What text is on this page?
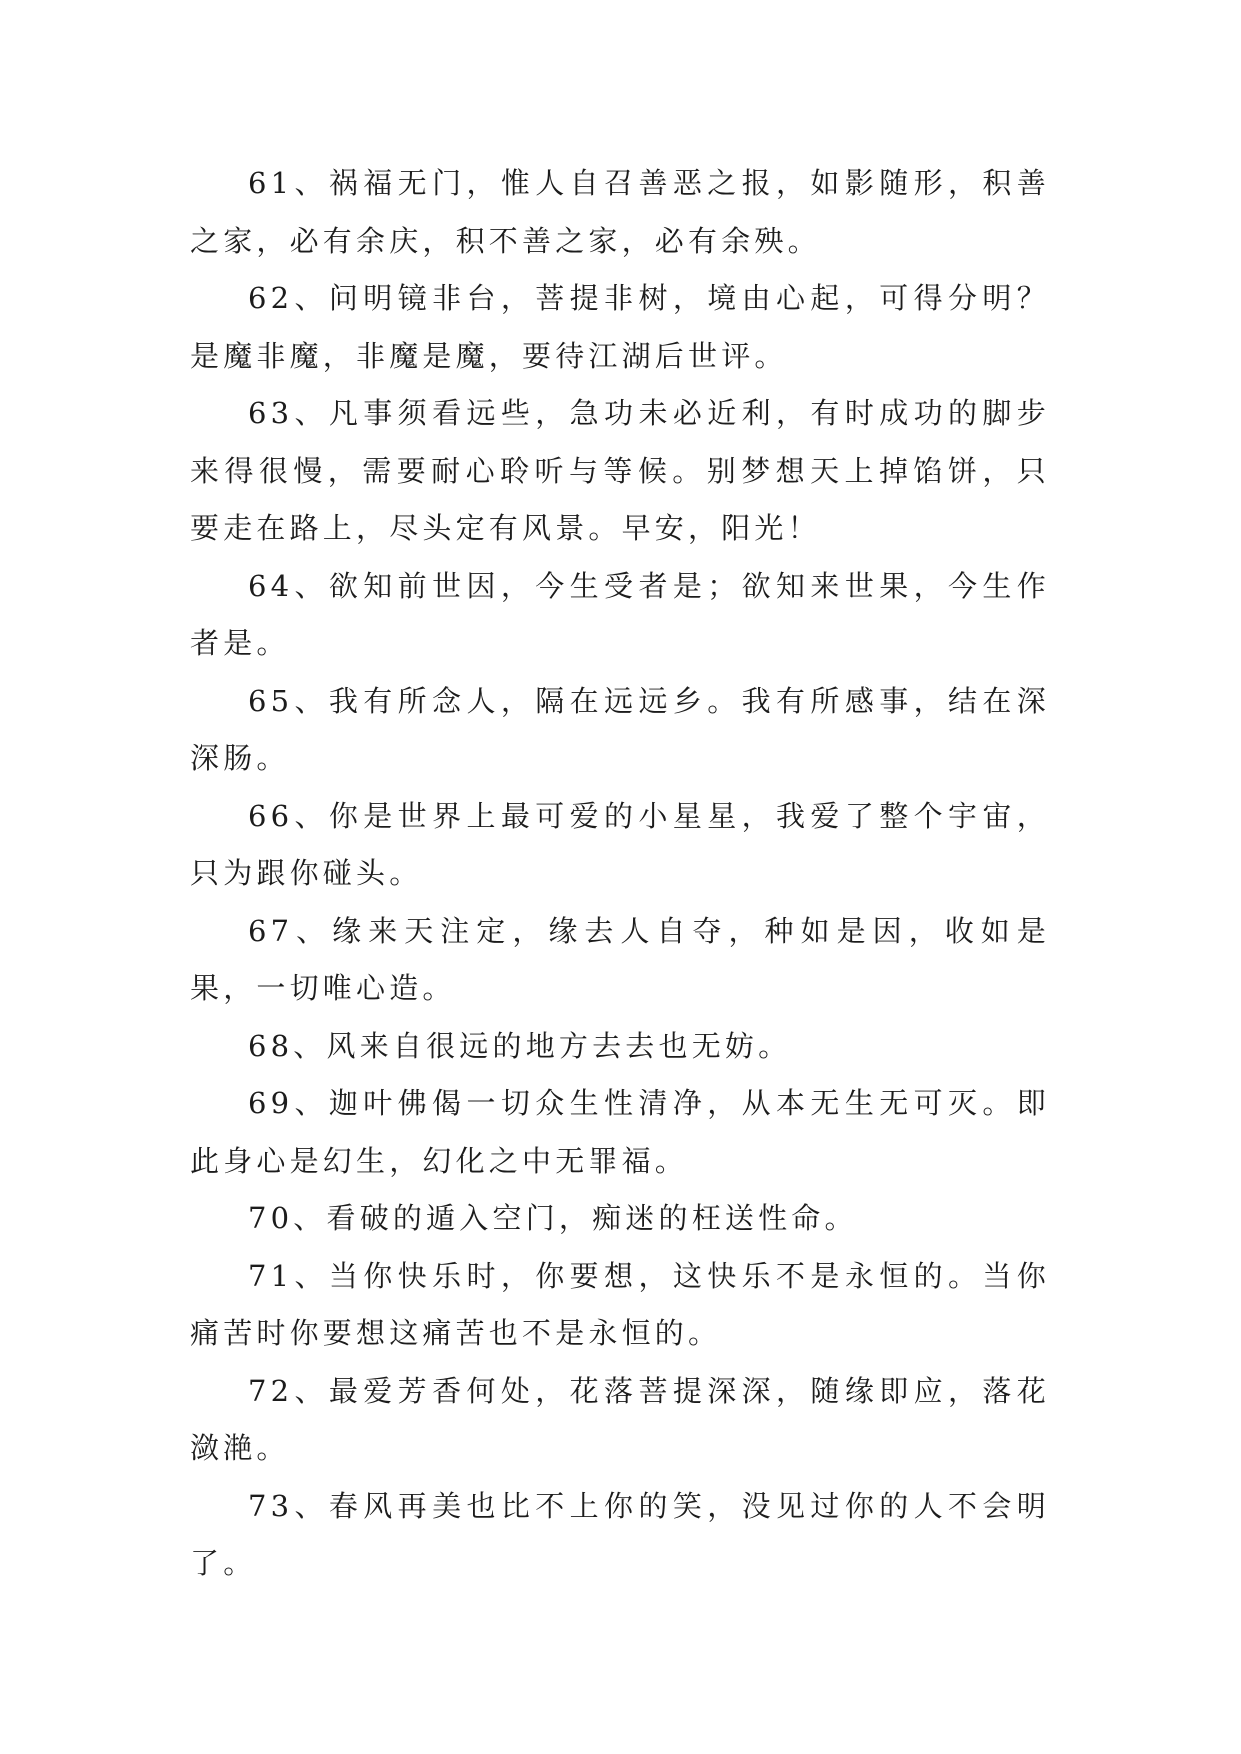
61、祸福无门，惟人自召善恶之报，如影随形，积善之家，必有余庆，积不善之家，必有余殃。

62、问明镜非台，菩提非树，境由心起，可得分明？是魔非魔，非魔是魔，要待江湖后世评。

63、凡事须看远些，急功未必近利，有时成功的脚步来得很慢，需要耐心聆听与等候。别梦想天上掉馅饼，只要走在路上，尽头定有风景。早安，阳光！

64、欲知前世因，今生受者是；欲知来世果，今生作者是。

65、我有所念人，隔在远远乡。我有所感事，结在深深肠。

66、你是世界上最可爱的小星星，我爱了整个宇宙，只为跟你碰头。

67、缘来天注定，缘去人自夺，种如是因，收如是果，一切唯心造。

68、风来自很远的地方去去也无妨。

69、迦叶佛偈一切众生性清净，从本无生无可灭。即此身心是幻生，幻化之中无罪福。

70、看破的遁入空门，痴迷的枉送性命。

71、当你快乐时，你要想，这快乐不是永恒的。当你痛苦时你要想这痛苦也不是永恒的。

72、最爱芳香何处，花落菩提深深，随缘即应，落花潋滟。

73、春风再美也比不上你的笑，没见过你的人不会明了。
